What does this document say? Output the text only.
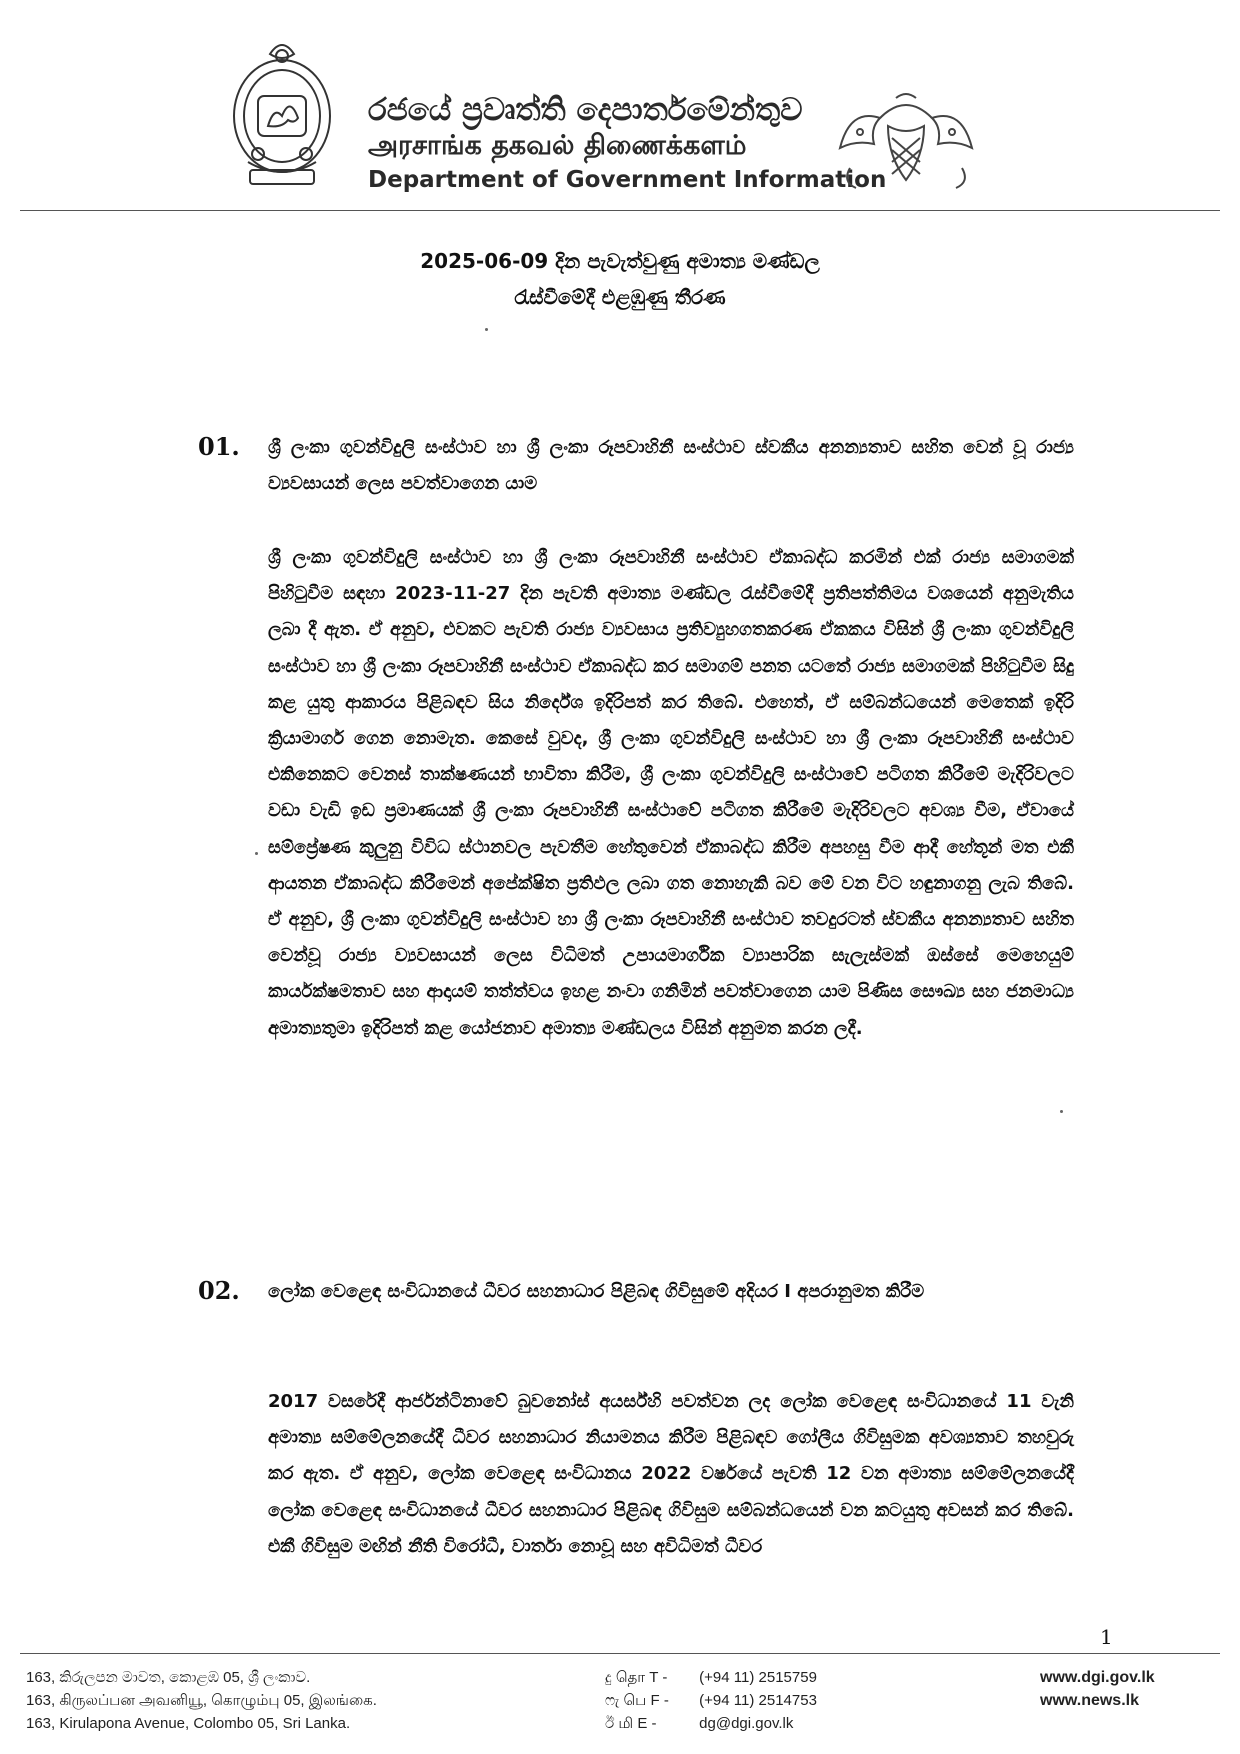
රජයේ ප්‍රවෘත්ති දෙපාර්තමේන්තුව
அரசாங்க தகவல் திணைக்களம்
Department of Government Information
2025-06-09 දින පැවැත්වුණු අමාත්‍ය මණ්ඩල
රැස්වීමේදී එළඹුණු තීරණ
01. ශ්‍රී ලංකා ගුවන්විදුලි සංස්ථාව හා ශ්‍රී ලංකා රූපවාහිනී සංස්ථාව ස්වකීය අනන්‍යතාව සහිත වෙන් වූ රාජ්‍ය ව්‍යවසායන් ලෙස පවත්වාගෙන යාම
ශ්‍රී ලංකා ගුවන්විදුලි සංස්ථාව හා ශ්‍රී ලංකා රූපවාහිනී සංස්ථාව ඒකාබද්ධ කරමින් එක් රාජ්‍ය සමාගමක් පිහිටුවීම සඳහා 2023-11-27 දින පැවති අමාත්‍ය මණ්ඩල රැස්වීමේදී ප්‍රතිපත්තිමය වශයෙන් අනුමැතිය ලබා දී ඇත. ඒ අනුව, එවකට පැවති රාජ්‍ය ව්‍යවසාය ප්‍රතිව්‍යුහගතකරණ ඒකකය විසින් ශ්‍රී ලංකා ගුවන්විදුලි සංස්ථාව හා ශ්‍රී ලංකා රූපවාහිනී සංස්ථාව ඒකාබද්ධ කර සමාගම් පනත යටතේ රාජ්‍ය සමාගමක් පිහිටුවීම සිදු කළ යුතු ආකාරය පිළිබඳව සිය නිර්දේශ ඉදිරිපත් කර තිබේ. එහෙත්, ඒ සම්බන්ධයෙන් මෙතෙක් ඉදිරි ක්‍රියාමාර්ග ගෙන නොමැත. කෙසේ වුවද, ශ්‍රී ලංකා ගුවන්විදුලි සංස්ථාව හා ශ්‍රී ලංකා රූපවාහිනී සංස්ථාව එකිනෙකට වෙනස් තාක්ෂණයන් භාවිතා කිරීම, ශ්‍රී ලංකා ගුවන්විදුලි සංස්ථාවේ පටිගත කිරීමේ මැදිරිවලට වඩා වැඩි ඉඩ ප්‍රමාණයක් ශ්‍රී ලංකා රූපවාහිනී සංස්ථාවේ පටිගත කිරීමේ මැදිරිවලට අවශ්‍ය වීම, ඒවායේ සම්ප්‍රේෂණ කුලුනු විවිධ ස්ථානවල පැවතීම හේතුවෙන් ඒකාබද්ධ කිරීම අපහසු වීම ආදී හේතූන් මත එකී ආයතන ඒකාබද්ධ කිරීමෙන් අපේක්ෂිත ප්‍රතිඵල ලබා ගත නොහැකි බව මේ වන විට හඳුනාගනු ලැබ තිබේ. ඒ අනුව, ශ්‍රී ලංකා ගුවන්විදුලි සංස්ථාව හා ශ්‍රී ලංකා රූපවාහිනී සංස්ථාව තවදුරටත් ස්වකීය අනන්‍යතාව සහිත වෙන්වූ රාජ්‍ය ව්‍යවසායන් ලෙස විධිමත් උපායමාර්ගික ව්‍යාපාරික සැලැස්මක් ඔස්සේ මෙහෙයුම් කාර්යක්ෂමතාව සහ ආදායම් තත්ත්වය ඉහළ නංවා ගනිමින් පවත්වාගෙන යාම පිණිස සෞඛ්‍ය සහ ජනමාධ්‍ය අමාත්‍යතුමා ඉදිරිපත් කළ යෝජනාව අමාත්‍ය මණ්ඩලය විසින් අනුමත කරන ලදී.
02. ලෝක වෙළෙඳ සංවිධානයේ ධීවර සහනාධාර පිළිබඳ ගිවිසුමේ අදියර I අපරානුමත කිරීම
2017 වසරේදී ආර්ජන්ටිනාවේ බුවනෝස් අයර්ස්හි පවත්වන ලද ලෝක වෙළෙඳ සංවිධානයේ 11 වැනි අමාත්‍ය සම්මේලනයේදී ධීවර සහනාධාර නියාමනය කිරීම පිළිබඳව ගෝලීය ගිවිසුමක අවශ්‍යතාව තහවුරු කර ඇත. ඒ අනුව, ලෝක වෙළෙඳ සංවිධානය 2022 වර්ෂයේ පැවති 12 වන අමාත්‍ය සම්මේලනයේදී ලෝක වෙළෙඳ සංවිධානයේ ධීවර සහනාධාර පිළිබඳ ගිවිසුම සම්බන්ධයෙන් වන කටයුතු අවසන් කර තිබේ. එකී ගිවිසුම මඟින් නීති විරෝධී, වාර්තා නොවූ සහ අවිධිමත් ධීවර
1
163, කිරුලපන මාවත, කොළඹ 05, ශ්‍රී ලංකාව.
163, கிருலப்பன அவனியூ, கொழும்பு 05, இலங்கை.
163, Kirulapona Avenue, Colombo 05, Sri Lanka.
දු தொ T - (+94 11) 2515759
ෆැ பெ F - (+94 11) 2514753
ඊ மி E -	dg@dgi.gov.lk
www.dgi.gov.lk
www.news.lk
